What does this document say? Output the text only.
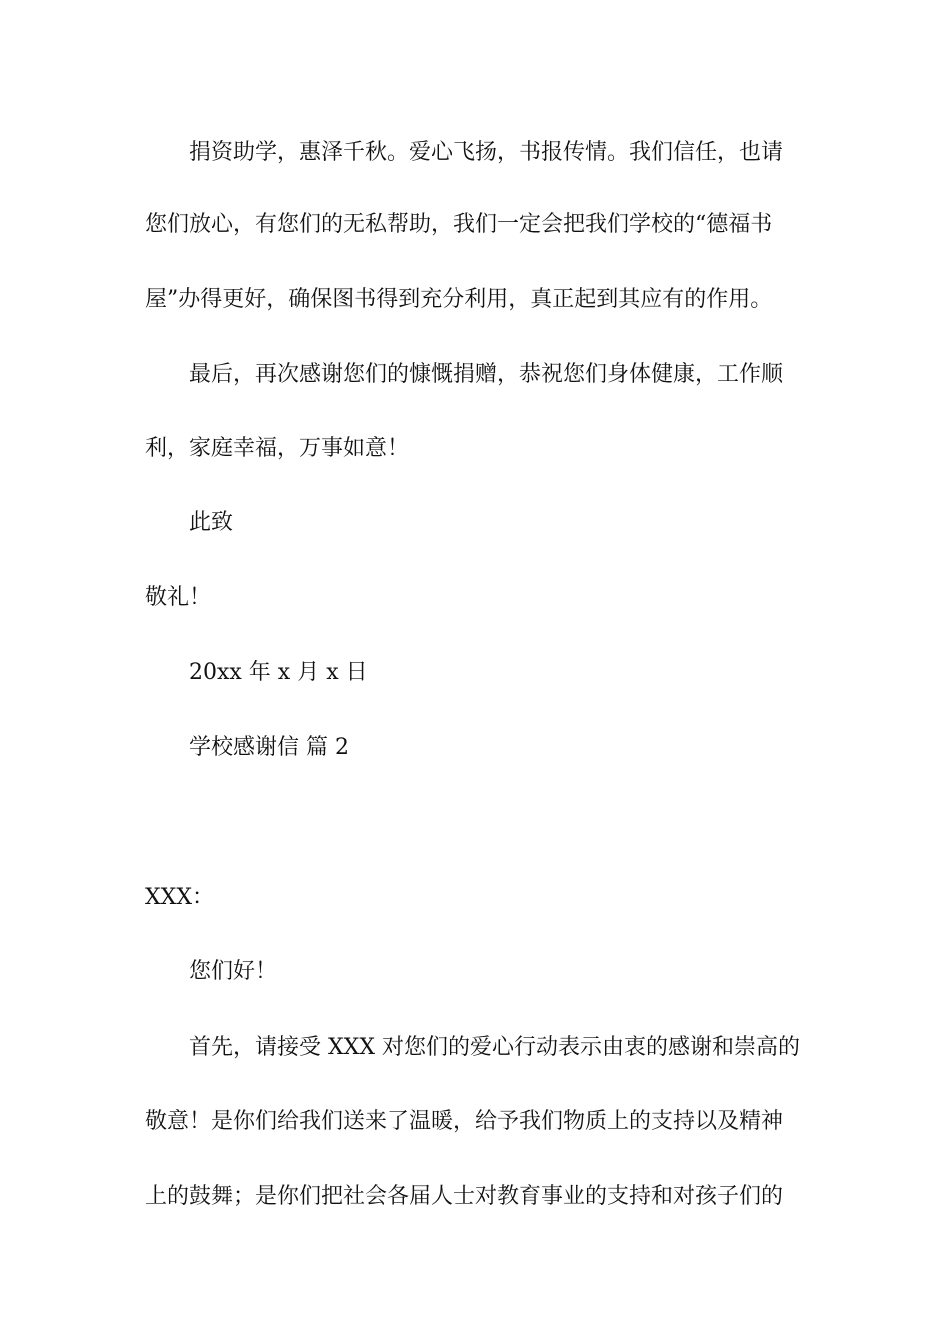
捐资助学，惠泽千秋。爱心飞扬，书报传情。我们信任，也请
您们放心，有您们的无私帮助，我们一定会把我们学校的“德福书
屋”办得更好，确保图书得到充分利用，真正起到其应有的作用。
最后，再次感谢您们的慷慨捐赠，恭祝您们身体健康，工作顺
利，家庭幸福，万事如意！
此致
敬礼！
20xx 年 x 月 x 日
学校感谢信 篇 2
XXX：
您们好！
首先，请接受 XXX 对您们的爱心行动表示由衷的感谢和崇高的
敬意！是你们给我们送来了温暖，给予我们物质上的支持以及精神
上的鼓舞；是你们把社会各届人士对教育事业的支持和对孩子们的
